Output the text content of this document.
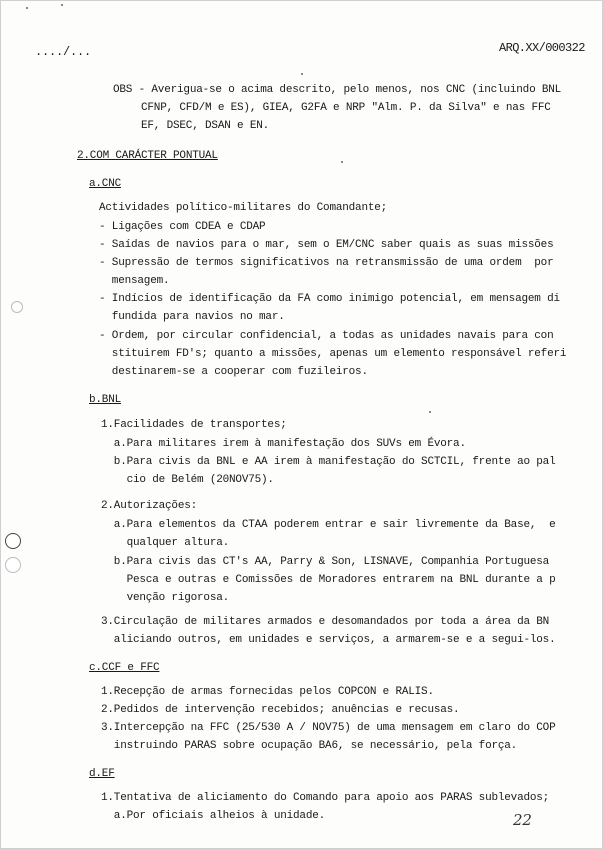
..../...	ARQ.XX/000322
OBS - Averigua-se o acima descrito, pelo menos, nos CNC (incluindo BNL
CFNP, CFD/M e ES), GIEA, G2FA e NRP "Alm. P. da Silva" e nas FFC
EF, DSEC, DSAN e EN.
2.COM CARÁCTER PONTUAL
a.CNC
Actividades político-militares do Comandante;
- Ligações com CDEA e CDAP
- Saídas de navios para o mar, sem o EM/CNC saber quais as suas missões
- Supressão de termos significativos na retransmissão de uma ordem  por
mensagem.
- Indícios de identificação da FA como inimigo potencial, em mensagem di
fundida para navios no mar.
- Ordem, por circular confidencial, a todas as unidades navais para con
stituirem FD's; quanto a missões, apenas um elemento responsável referi
destinarem-se a cooperar com fuzileiros.
b.BNL
1.Facilidades de transportes;
a.Para militares irem à manifestação dos SUVs em Évora.
b.Para civis da BNL e AA irem à manifestação do SCTCIL, frente ao pal
cio de Belém (20NOV75).
2.Autorizações:
a.Para elementos da CTAA poderem entrar e sair livremente da Base,  e
qualquer altura.
b.Para civis das CT's AA, Parry & Son, LISNAVE, Companhia Portuguesa
Pesca e outras e Comissões de Moradores entrarem na BNL durante a p
venção rigorosa.
3.Circulação de militares armados e desomandados por toda a área da BN
aliciando outros, em unidades e serviços, a armarem-se e a segui-los.
c.CCF e FFC
1.Recepção de armas fornecidas pelos COPCON e RALIS.
2.Pedidos de intervenção recebidos; anuências e recusas.
3.Intercepção na FFC (25/530 A / NOV75) de uma mensagem em claro do COP
instruindo PARAS sobre ocupação BA6, se necessário, pela força.
d.EF
1.Tentativa de aliciamento do Comando para apoio aos PARAS sublevados;
a.Por oficiais alheios à unidade.	22
